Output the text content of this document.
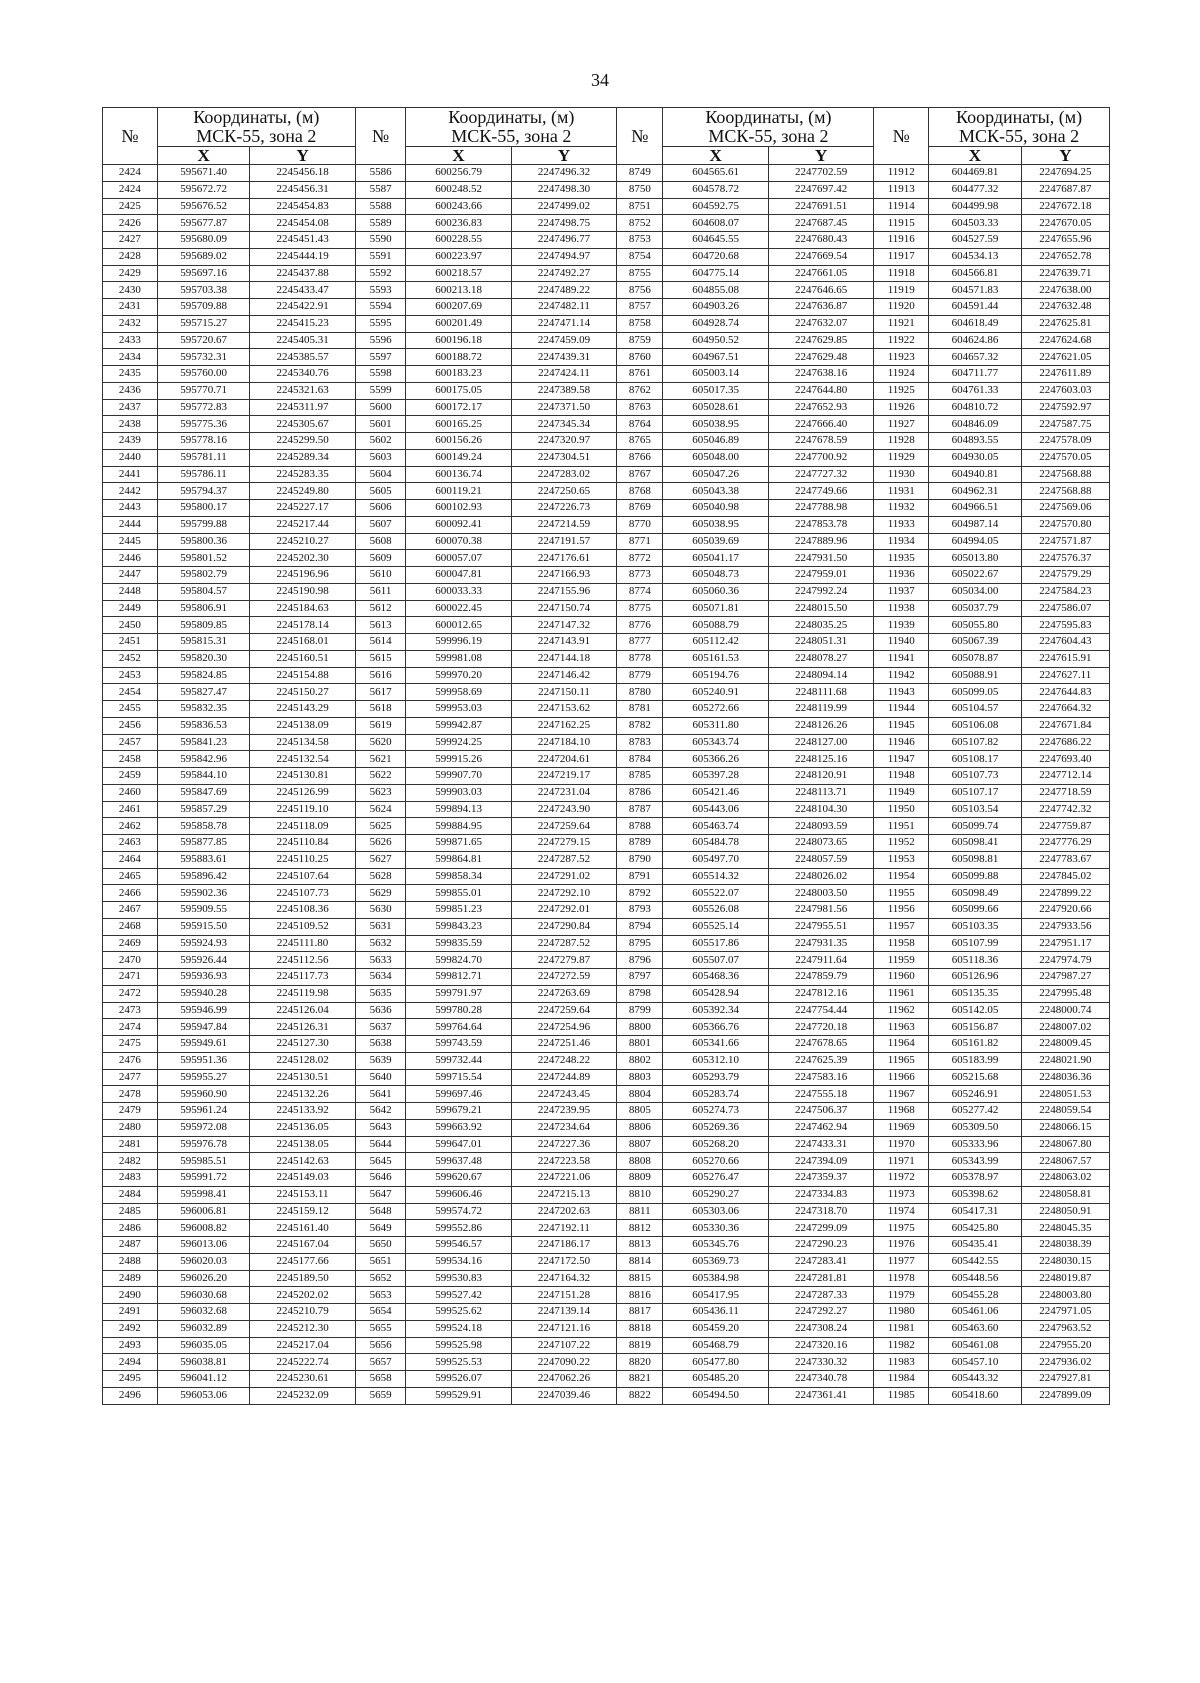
34
№	Координаты, (м)
МСК-55, зона 2		№	Координаты, (м)
МСК-55, зона 2		№	Координаты, (м)
МСК-55, зона 2		№	Координаты, (м)
МСК-55, зона 2	

	X	Y		X	Y		X	Y		X	Y
2424	595671.40	2245456.18	5586	600256.79	2247496.32	8749	604565.61	2247702.59	11912	604469.81	2247694.25
2424	595672.72	2245456.31	5587	600248.52	2247498.30	8750	604578.72	2247697.42	11913	604477.32	2247687.87
2425	595676.52	2245454.83	5588	600243.66	2247499.02	8751	604592.75	2247691.51	11914	604499.98	2247672.18
2426	595677.87	2245454.08	5589	600236.83	2247498.75	8752	604608.07	2247687.45	11915	604503.33	2247670.05
2427	595680.09	2245451.43	5590	600228.55	2247496.77	8753	604645.55	2247680.43	11916	604527.59	2247655.96
2428	595689.02	2245444.19	5591	600223.97	2247494.97	8754	604720.68	2247669.54	11917	604534.13	2247652.78
2429	595697.16	2245437.88	5592	600218.57	2247492.27	8755	604775.14	2247661.05	11918	604566.81	2247639.71
2430	595703.38	2245433.47	5593	600213.18	2247489.22	8756	604855.08	2247646.65	11919	604571.83	2247638.00
2431	595709.88	2245422.91	5594	600207.69	2247482.11	8757	604903.26	2247636.87	11920	604591.44	2247632.48
2432	595715.27	2245415.23	5595	600201.49	2247471.14	8758	604928.74	2247632.07	11921	604618.49	2247625.81
2433	595720.67	2245405.31	5596	600196.18	2247459.09	8759	604950.52	2247629.85	11922	604624.86	2247624.68
2434	595732.31	2245385.57	5597	600188.72	2247439.31	8760	604967.51	2247629.48	11923	604657.32	2247621.05
2435	595760.00	2245340.76	5598	600183.23	2247424.11	8761	605003.14	2247638.16	11924	604711.77	2247611.89
2436	595770.71	2245321.63	5599	600175.05	2247389.58	8762	605017.35	2247644.80	11925	604761.33	2247603.03
2437	595772.83	2245311.97	5600	600172.17	2247371.50	8763	605028.61	2247652.93	11926	604810.72	2247592.97
2438	595775.36	2245305.67	5601	600165.25	2247345.34	8764	605038.95	2247666.40	11927	604846.09	2247587.75
2439	595778.16	2245299.50	5602	600156.26	2247320.97	8765	605046.89	2247678.59	11928	604893.55	2247578.09
2440	595781.11	2245289.34	5603	600149.24	2247304.51	8766	605048.00	2247700.92	11929	604930.05	2247570.05
2441	595786.11	2245283.35	5604	600136.74	2247283.02	8767	605047.26	2247727.32	11930	604940.81	2247568.88
2442	595794.37	2245249.80	5605	600119.21	2247250.65	8768	605043.38	2247749.66	11931	604962.31	2247568.88
2443	595800.17	2245227.17	5606	600102.93	2247226.73	8769	605040.98	2247788.98	11932	604966.51	2247569.06
2444	595799.88	2245217.44	5607	600092.41	2247214.59	8770	605038.95	2247853.78	11933	604987.14	2247570.80
2445	595800.36	2245210.27	5608	600070.38	2247191.57	8771	605039.69	2247889.96	11934	604994.05	2247571.87
2446	595801.52	2245202.30	5609	600057.07	2247176.61	8772	605041.17	2247931.50	11935	605013.80	2247576.37
2447	595802.79	2245196.96	5610	600047.81	2247166.93	8773	605048.73	2247959.01	11936	605022.67	2247579.29
2448	595804.57	2245190.98	5611	600033.33	2247155.96	8774	605060.36	2247992.24	11937	605034.00	2247584.23
2449	595806.91	2245184.63	5612	600022.45	2247150.74	8775	605071.81	2248015.50	11938	605037.79	2247586.07
2450	595809.85	2245178.14	5613	600012.65	2247147.32	8776	605088.79	2248035.25	11939	605055.80	2247595.83
2451	595815.31	2245168.01	5614	599996.19	2247143.91	8777	605112.42	2248051.31	11940	605067.39	2247604.43
2452	595820.30	2245160.51	5615	599981.08	2247144.18	8778	605161.53	2248078.27	11941	605078.87	2247615.91
2453	595824.85	2245154.88	5616	599970.20	2247146.42	8779	605194.76	2248094.14	11942	605088.91	2247627.11
2454	595827.47	2245150.27	5617	599958.69	2247150.11	8780	605240.91	2248111.68	11943	605099.05	2247644.83
2455	595832.35	2245143.29	5618	599953.03	2247153.62	8781	605272.66	2248119.99	11944	605104.57	2247664.32
2456	595836.53	2245138.09	5619	599942.87	2247162.25	8782	605311.80	2248126.26	11945	605106.08	2247671.84
2457	595841.23	2245134.58	5620	599924.25	2247184.10	8783	605343.74	2248127.00	11946	605107.82	2247686.22
2458	595842.96	2245132.54	5621	599915.26	2247204.61	8784	605366.26	2248125.16	11947	605108.17	2247693.40
2459	595844.10	2245130.81	5622	599907.70	2247219.17	8785	605397.28	2248120.91	11948	605107.73	2247712.14
2460	595847.69	2245126.99	5623	599903.03	2247231.04	8786	605421.46	2248113.71	11949	605107.17	2247718.59
2461	595857.29	2245119.10	5624	599894.13	2247243.90	8787	605443.06	2248104.30	11950	605103.54	2247742.32
2462	595858.78	2245118.09	5625	599884.95	2247259.64	8788	605463.74	2248093.59	11951	605099.74	2247759.87
2463	595877.85	2245110.84	5626	599871.65	2247279.15	8789	605484.78	2248073.65	11952	605098.41	2247776.29
2464	595883.61	2245110.25	5627	599864.81	2247287.52	8790	605497.70	2248057.59	11953	605098.81	2247783.67
2465	595896.42	2245107.64	5628	599858.34	2247291.02	8791	605514.32	2248026.02	11954	605099.88	2247845.02
2466	595902.36	2245107.73	5629	599855.01	2247292.10	8792	605522.07	2248003.50	11955	605098.49	2247899.22
2467	595909.55	2245108.36	5630	599851.23	2247292.01	8793	605526.08	2247981.56	11956	605099.66	2247920.66
2468	595915.50	2245109.52	5631	599843.23	2247290.84	8794	605525.14	2247955.51	11957	605103.35	2247933.56
2469	595924.93	2245111.80	5632	599835.59	2247287.52	8795	605517.86	2247931.35	11958	605107.99	2247951.17
2470	595926.44	2245112.56	5633	599824.70	2247279.87	8796	605507.07	2247911.64	11959	605118.36	2247974.79
2471	595936.93	2245117.73	5634	599812.71	2247272.59	8797	605468.36	2247859.79	11960	605126.96	2247987.27
2472	595940.28	2245119.98	5635	599791.97	2247263.69	8798	605428.94	2247812.16	11961	605135.35	2247995.48
2473	595946.99	2245126.04	5636	599780.28	2247259.64	8799	605392.34	2247754.44	11962	605142.05	2248000.74
2474	595947.84	2245126.31	5637	599764.64	2247254.96	8800	605366.76	2247720.18	11963	605156.87	2248007.02
2475	595949.61	2245127.30	5638	599743.59	2247251.46	8801	605341.66	2247678.65	11964	605161.82	2248009.45
2476	595951.36	2245128.02	5639	599732.44	2247248.22	8802	605312.10	2247625.39	11965	605183.99	2248021.90
2477	595955.27	2245130.51	5640	599715.54	2247244.89	8803	605293.79	2247583.16	11966	605215.68	2248036.36
2478	595960.90	2245132.26	5641	599697.46	2247243.45	8804	605283.74	2247555.18	11967	605246.91	2248051.53
2479	595961.24	2245133.92	5642	599679.21	2247239.95	8805	605274.73	2247506.37	11968	605277.42	2248059.54
2480	595972.08	2245136.05	5643	599663.92	2247234.64	8806	605269.36	2247462.94	11969	605309.50	2248066.15
2481	595976.78	2245138.05	5644	599647.01	2247227.36	8807	605268.20	2247433.31	11970	605333.96	2248067.80
2482	595985.51	2245142.63	5645	599637.48	2247223.58	8808	605270.66	2247394.09	11971	605343.99	2248067.57
2483	595991.72	2245149.03	5646	599620.67	2247221.06	8809	605276.47	2247359.37	11972	605378.97	2248063.02
2484	595998.41	2245153.11	5647	599606.46	2247215.13	8810	605290.27	2247334.83	11973	605398.62	2248058.81
2485	596006.81	2245159.12	5648	599574.72	2247202.63	8811	605303.06	2247318.70	11974	605417.31	2248050.91
2486	596008.82	2245161.40	5649	599552.86	2247192.11	8812	605330.36	2247299.09	11975	605425.80	2248045.35
2487	596013.06	2245167.04	5650	599546.57	2247186.17	8813	605345.76	2247290.23	11976	605435.41	2248038.39
2488	596020.03	2245177.66	5651	599534.16	2247172.50	8814	605369.73	2247283.41	11977	605442.55	2248030.15
2489	596026.20	2245189.50	5652	599530.83	2247164.32	8815	605384.98	2247281.81	11978	605448.56	2248019.87
2490	596030.68	2245202.02	5653	599527.42	2247151.28	8816	605417.95	2247287.33	11979	605455.28	2248003.80
2491	596032.68	2245210.79	5654	599525.62	2247139.14	8817	605436.11	2247292.27	11980	605461.06	2247971.05
2492	596032.89	2245212.30	5655	599524.18	2247121.16	8818	605459.20	2247308.24	11981	605463.60	2247963.52
2493	596035.05	2245217.04	5656	599525.98	2247107.22	8819	605468.79	2247320.16	11982	605461.08	2247955.20
2494	596038.81	2245222.74	5657	599525.53	2247090.22	8820	605477.80	2247330.32	11983	605457.10	2247936.02
2495	596041.12	2245230.61	5658	599526.07	2247062.26	8821	605485.20	2247340.78	11984	605443.32	2247927.81
2496	596053.06	2245232.09	5659	599529.91	2247039.46	8822	605494.50	2247361.41	11985	605418.60	2247899.09
